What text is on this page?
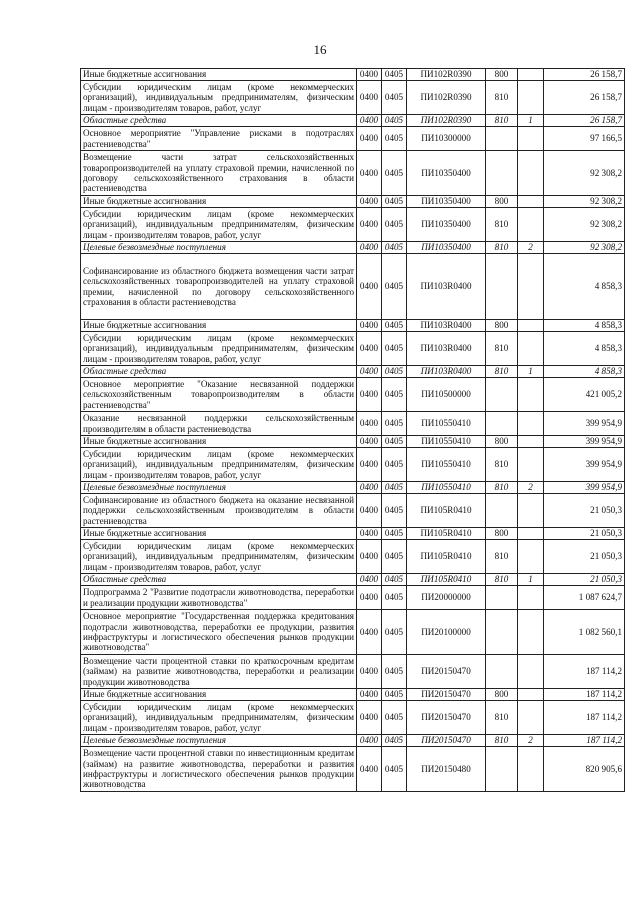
16
Иные бюджетные ассигнования	0400	0405	ПИ102R0390	800		26 158,7
Субсидии юридическим лицам (кроме некоммерческих организаций), индивидуальным предпринимателям, физическим лицам - производителям товаров, работ, услуг	0400	0405	ПИ102R0390	810		26 158,7
Областные средства	0400	0405	ПИ102R0390	810	1	26 158,7
Основное мероприятие "Управление рисками в подотраслях растениеводства"	0400	0405	ПИ10300000			97 166,5
Возмещение части затрат сельскохозяйственных товаропроизводителей на уплату страховой премии, начисленной по договору сельскохозяйственного страхования в области растениеводства	0400	0405	ПИ10350400			92 308,2
Иные бюджетные ассигнования	0400	0405	ПИ10350400	800		92 308,2
Субсидии юридическим лицам (кроме некоммерческих организаций), индивидуальным предпринимателям, физическим лицам - производителям товаров, работ, услуг	0400	0405	ПИ10350400	810		92 308,2
Целевые безвозмездные поступления	0400	0405	ПИ10350400	810	2	92 308,2
Софинансирование из областного бюджета возмещения части затрат сельскохозяйственных товаропроизводителей на уплату страховой премии, начисленной по договору сельскохозяйственного страхования в области растениеводства	0400	0405	ПИ103R0400			4 858,3
Иные бюджетные ассигнования	0400	0405	ПИ103R0400	800		4 858,3
Субсидии юридическим лицам (кроме некоммерческих организаций), индивидуальным предпринимателям, физическим лицам - производителям товаров, работ, услуг	0400	0405	ПИ103R0400	810		4 858,3
Областные средства	0400	0405	ПИ103R0400	810	1	4 858,3
Основное мероприятие "Оказание несвязанной поддержки сельскохозяйственным товаропроизводителям в области растениеводства"	0400	0405	ПИ10500000			421 005,2
Оказание несвязанной поддержки сельскохозяйственным производителям в области растениеводства	0400	0405	ПИ10550410			399 954,9
Иные бюджетные ассигнования	0400	0405	ПИ10550410	800		399 954,9
Субсидии юридическим лицам (кроме некоммерческих организаций), индивидуальным предпринимателям, физическим лицам - производителям товаров, работ, услуг	0400	0405	ПИ10550410	810		399 954,9
Целевые безвозмездные поступления	0400	0405	ПИ10550410	810	2	399 954,9
Софинансирование из областного бюджета на оказание несвязанной поддержки сельскохозяйственным производителям в области растениеводства	0400	0405	ПИ105R0410			21 050,3
Иные бюджетные ассигнования	0400	0405	ПИ105R0410	800		21 050,3
Субсидии юридическим лицам (кроме некоммерческих организаций), индивидуальным предпринимателям, физическим лицам - производителям товаров, работ, услуг	0400	0405	ПИ105R0410	810		21 050,3
Областные средства	0400	0405	ПИ105R0410	810	1	21 050,3
Подпрограмма 2 "Развитие подотрасли животноводства, переработки и реализации продукции животноводства"	0400	0405	ПИ20000000			1 087 624,7
Основное мероприятие "Государственная поддержка кредитования подотрасли животноводства, переработки ее продукции, развития инфраструктуры и логистического обеспечения рынков продукции животноводства"	0400	0405	ПИ20100000			1 082 560,1
Возмещение части процентной ставки по краткосрочным кредитам (займам) на развитие животноводства, переработки и реализации продукции животноводства	0400	0405	ПИ20150470			187 114,2
Иные бюджетные ассигнования	0400	0405	ПИ20150470	800		187 114,2
Субсидии юридическим лицам (кроме некоммерческих организаций), индивидуальным предпринимателям, физическим лицам - производителям товаров, работ, услуг	0400	0405	ПИ20150470	810		187 114,2
Целевые безвозмездные поступления	0400	0405	ПИ20150470	810	2	187 114,2
Возмещение части процентной ставки по инвестиционным кредитам (займам) на развитие животноводства, переработки и развития инфраструктуры и логистического обеспечения рынков продукции животноводства	0400	0405	ПИ20150480			820 905,6
